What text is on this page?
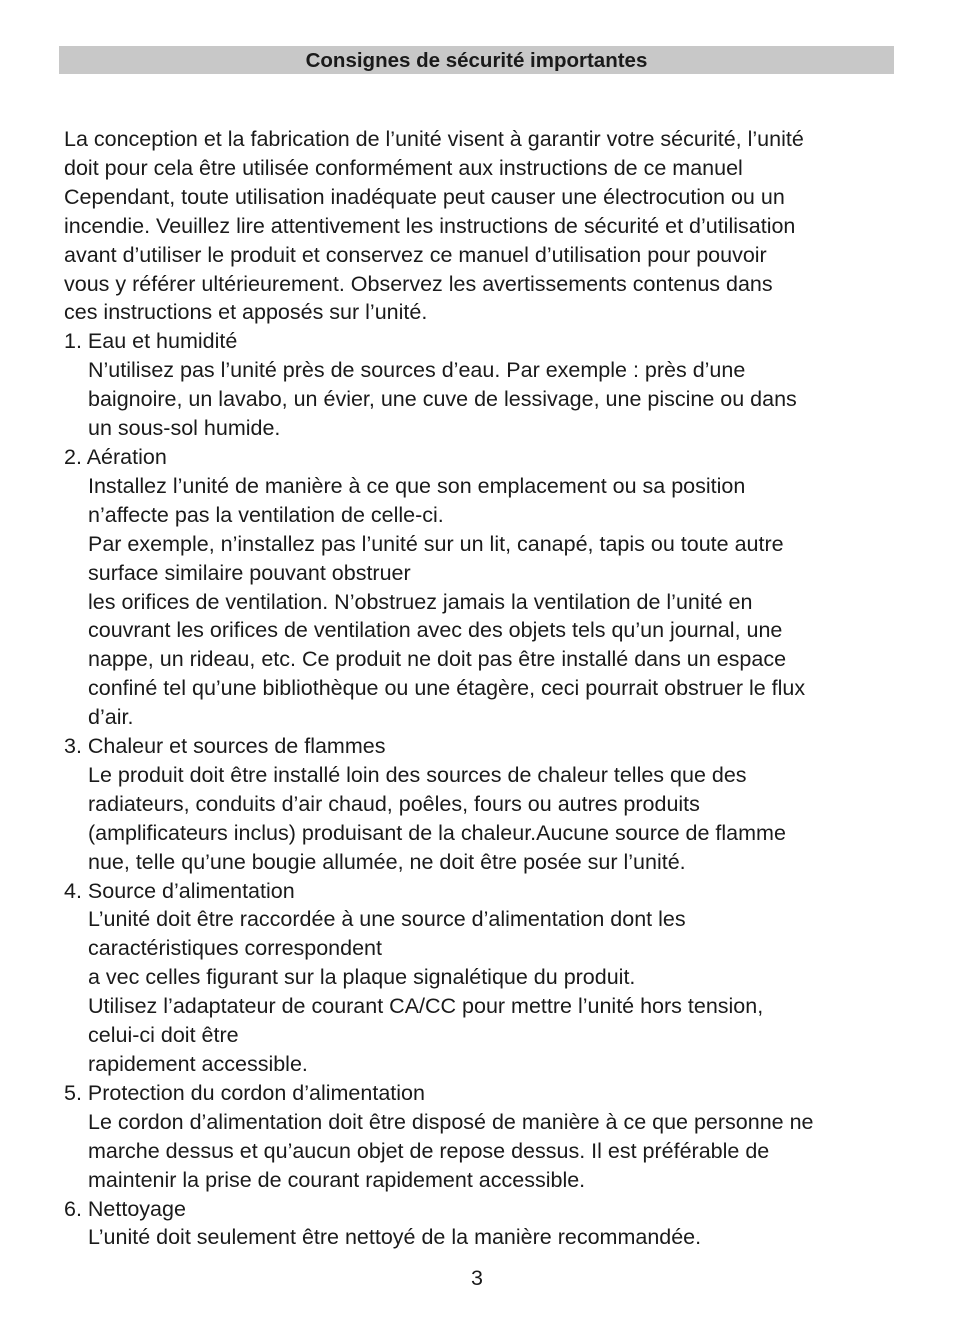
Consignes de sécurité importantes
La conception et la fabrication de l’unité visent à garantir votre sécurité, l’unité
doit pour cela être utilisée conformément aux instructions de ce manuel
Cependant, toute utilisation inadéquate peut causer une électrocution ou un
incendie. Veuillez lire attentivement les instructions de sécurité et d’utilisation
avant d’utiliser le produit et conservez ce manuel d’utilisation pour pouvoir
vous y référer ultérieurement. Observez les avertissements contenus dans
ces instructions et apposés sur l’unité.
1. Eau et humidité
N’utilisez pas l’unité près de sources d’eau. Par exemple : près d’une
baignoire, un lavabo, un évier, une cuve de lessivage, une piscine ou dans
un sous-sol humide.
2. Aération
Installez l’unité de manière à ce que son emplacement ou sa position
n’affecte pas la ventilation de celle-ci.
Par exemple, n’installez pas l’unité sur un lit, canapé, tapis ou toute autre
surface similaire pouvant obstruer
les orifices de ventilation. N’obstruez jamais la ventilation de l’unité en
couvrant les orifices de ventilation avec des objets tels qu’un journal, une
nappe, un rideau, etc. Ce produit ne doit pas être installé dans un espace
confiné tel qu’une bibliothèque ou une étagère, ceci pourrait obstruer le flux
d’air.
3. Chaleur et sources de flammes
Le produit doit être installé loin des sources de chaleur telles que des
radiateurs, conduits d’air chaud, poêles, fours ou autres produits
(amplificateurs inclus) produisant de la chaleur.Aucune source de flamme
nue, telle qu’une bougie allumée, ne doit être posée sur l’unité.
4. Source d’alimentation
L’unité doit être raccordée à une source d’alimentation dont les
caractéristiques correspondent
a vec celles figurant sur la plaque signalétique du produit.
Utilisez l’adaptateur de courant CA/CC pour mettre l’unité hors tension,
celui-ci doit être
rapidement accessible.
5. Protection du cordon d’alimentation
Le cordon d’alimentation doit être disposé de manière à ce que personne ne
marche dessus et qu’aucun objet de repose dessus. Il est préférable de
maintenir la prise de courant rapidement accessible.
6. Nettoyage
L’unité doit seulement être nettoyé de la manière recommandée.
3
